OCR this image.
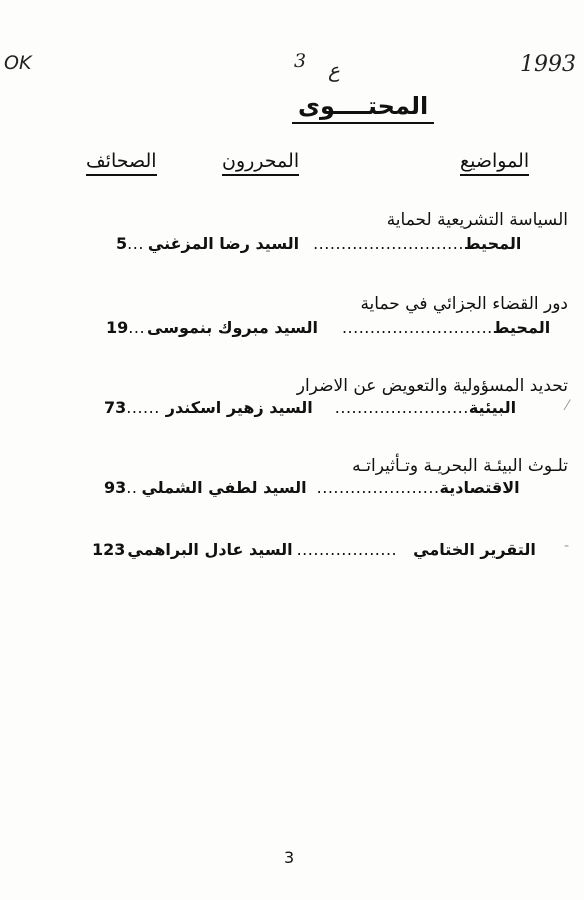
OK	3 ع	1993
المحتــــوى
المواضيع
المحررون
الصحائف
السياسة التشريعية لحماية
5 ... السيد رضا المزغني ........................... المحيط
دور القضاء الجزائي في حماية
19 ... السيد مبروك بنموسى ........................... المحيط
تحديد المسؤولية والتعويض عن الاضرار
73 ...... السيد زهير اسكندر ........................ البيئية	⁄
تلـوث البيئـة البحريـة وتـأثيراتـه
93 .. السيد لطفي الشملي ...................... الاقتصادية
123 السيد عادل البراهمي .................. التقرير الختامي ‐
3
